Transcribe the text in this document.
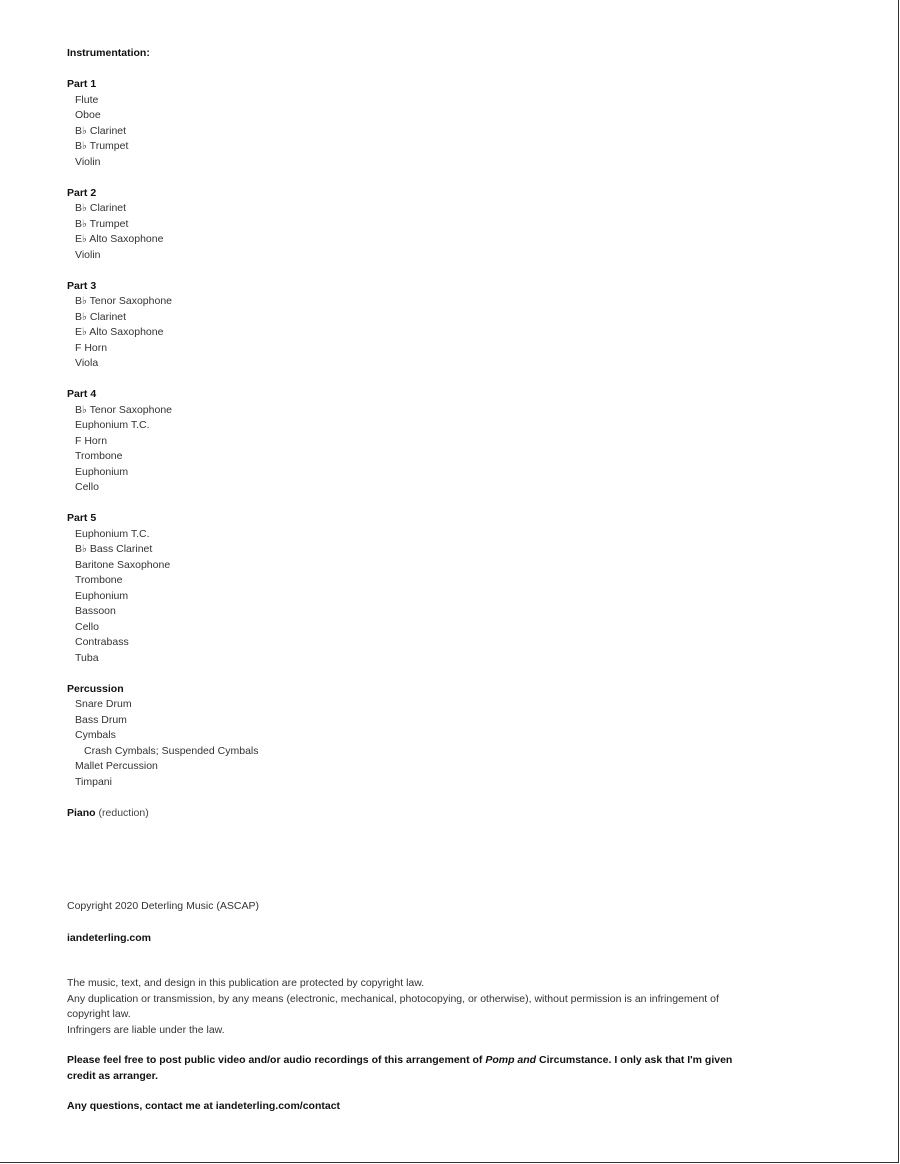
Instrumentation:
Part 1
Flute
Oboe
B♭ Clarinet
B♭ Trumpet
Violin
Part 2
B♭ Clarinet
B♭ Trumpet
E♭ Alto Saxophone
Violin
Part 3
B♭ Tenor Saxophone
B♭ Clarinet
E♭ Alto Saxophone
F Horn
Viola
Part 4
B♭ Tenor Saxophone
Euphonium T.C.
F Horn
Trombone
Euphonium
Cello
Part 5
Euphonium T.C.
B♭ Bass Clarinet
Baritone Saxophone
Trombone
Euphonium
Bassoon
Cello
Contrabass
Tuba
Percussion
Snare Drum
Bass Drum
Cymbals
Crash Cymbals; Suspended Cymbals
Mallet Percussion
Timpani
Piano (reduction)
Copyright 2020 Deterling Music (ASCAP)
iandeterling.com
The music, text, and design in this publication are protected by copyright law.
Any duplication or transmission, by any means (electronic, mechanical, photocopying, or otherwise), without permission is an infringement of copyright law.
Infringers are liable under the law.
Please feel free to post public video and/or audio recordings of this arrangement of Pomp and Circumstance. I only ask that I'm given credit as arranger.
Any questions, contact me at iandeterling.com/contact
